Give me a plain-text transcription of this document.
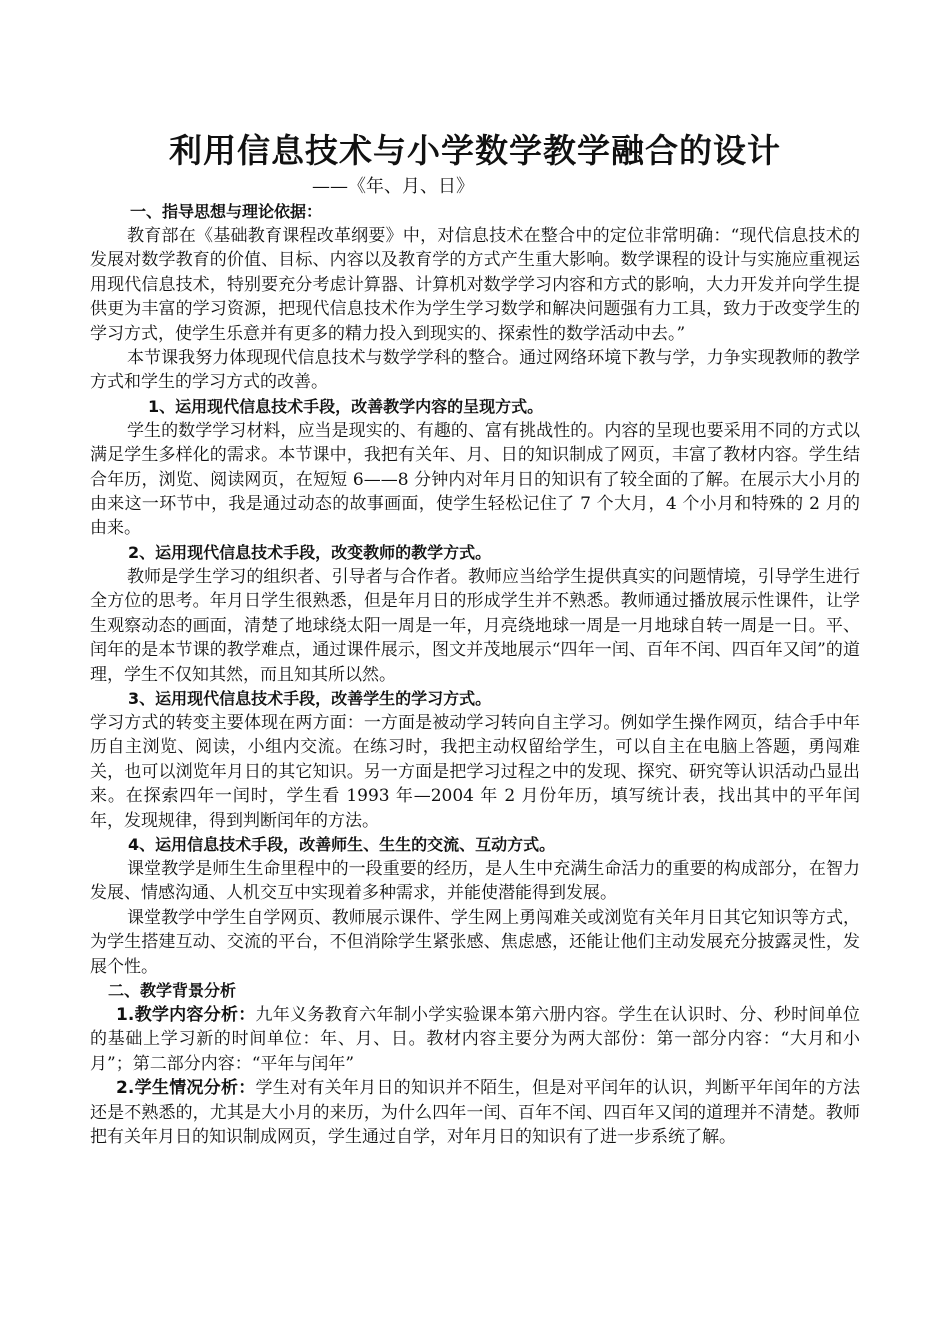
利用信息技术与小学数学教学融合的设计

——《年、月、日》

一、指导思想与理论依据：

教育部在《基础教育课程改革纲要》中，对信息技术在整合中的定位非常明确：“现代信息技术的发展对数学教育的价值、目标、内容以及教育学的方式产生重大影响。数学课程的设计与实施应重视运用现代信息技术，特别要充分考虑计算器、计算机对数学学习内容和方式的影响，大力开发并向学生提供更为丰富的学习资源，把现代信息技术作为学生学习数学和解决问题强有力工具，致力于改变学生的学习方式，使学生乐意并有更多的精力投入到现实的、探索性的数学活动中去。”

本节课我努力体现现代信息技术与数学学科的整合。通过网络环境下教与学，力争实现教师的教学方式和学生的学习方式的改善。

1、运用现代信息技术手段，改善教学内容的呈现方式。

学生的数学学习材料，应当是现实的、有趣的、富有挑战性的。内容的呈现也要采用不同的方式以满足学生多样化的需求。本节课中，我把有关年、月、日的知识制成了网页，丰富了教材内容。学生结合年历，浏览、阅读网页，在短短 6——8 分钟内对年月日的知识有了较全面的了解。在展示大小月的由来这一环节中，我是通过动态的故事画面，使学生轻松记住了 7 个大月，4 个小月和特殊的 2 月的由来。

2、运用现代信息技术手段，改变教师的教学方式。

教师是学生学习的组织者、引导者与合作者。教师应当给学生提供真实的问题情境，引导学生进行全方位的思考。年月日学生很熟悉，但是年月日的形成学生并不熟悉。教师通过播放展示性课件，让学生观察动态的画面，清楚了地球绕太阳一周是一年，月亮绕地球一周是一月地球自转一周是一日。平、闰年的是本节课的教学难点，通过课件展示，图文并茂地展示“四年一闰、百年不闰、四百年又闰”的道理，学生不仅知其然，而且知其所以然。

3、运用现代信息技术手段，改善学生的学习方式。

学习方式的转变主要体现在两方面：一方面是被动学习转向自主学习。例如学生操作网页，结合手中年历自主浏览、阅读，小组内交流。在练习时，我把主动权留给学生，可以自主在电脑上答题，勇闯难关，也可以浏览年月日的其它知识。另一方面是把学习过程之中的发现、探究、研究等认识活动凸显出来。在探索四年一闰时，学生看 1993 年—2004 年 2 月份年历，填写统计表，找出其中的平年闰年，发现规律，得到判断闰年的方法。

4、运用信息技术手段，改善师生、生生的交流、互动方式。

课堂教学是师生生命里程中的一段重要的经历，是人生中充满生命活力的重要的构成部分，在智力发展、情感沟通、人机交互中实现着多种需求，并能使潜能得到发展。

课堂教学中学生自学网页、教师展示课件、学生网上勇闯难关或浏览有关年月日其它知识等方式，为学生搭建互动、交流的平台，不但消除学生紧张感、焦虑感，还能让他们主动发展充分披露灵性，发展个性。

二、教学背景分析

1.教学内容分析：九年义务教育六年制小学实验课本第六册内容。学生在认识时、分、秒时间单位的基础上学习新的时间单位：年、月、日。教材内容主要分为两大部份：第一部分内容：“大月和小月”；第二部分内容：“平年与闰年”

2.学生情况分析：学生对有关年月日的知识并不陌生，但是对平闰年的认识，判断平年闰年的方法还是不熟悉的，尤其是大小月的来历，为什么四年一闰、百年不闰、四百年又闰的道理并不清楚。教师把有关年月日的知识制成网页，学生通过自学，对年月日的知识有了进一步系统了解。
